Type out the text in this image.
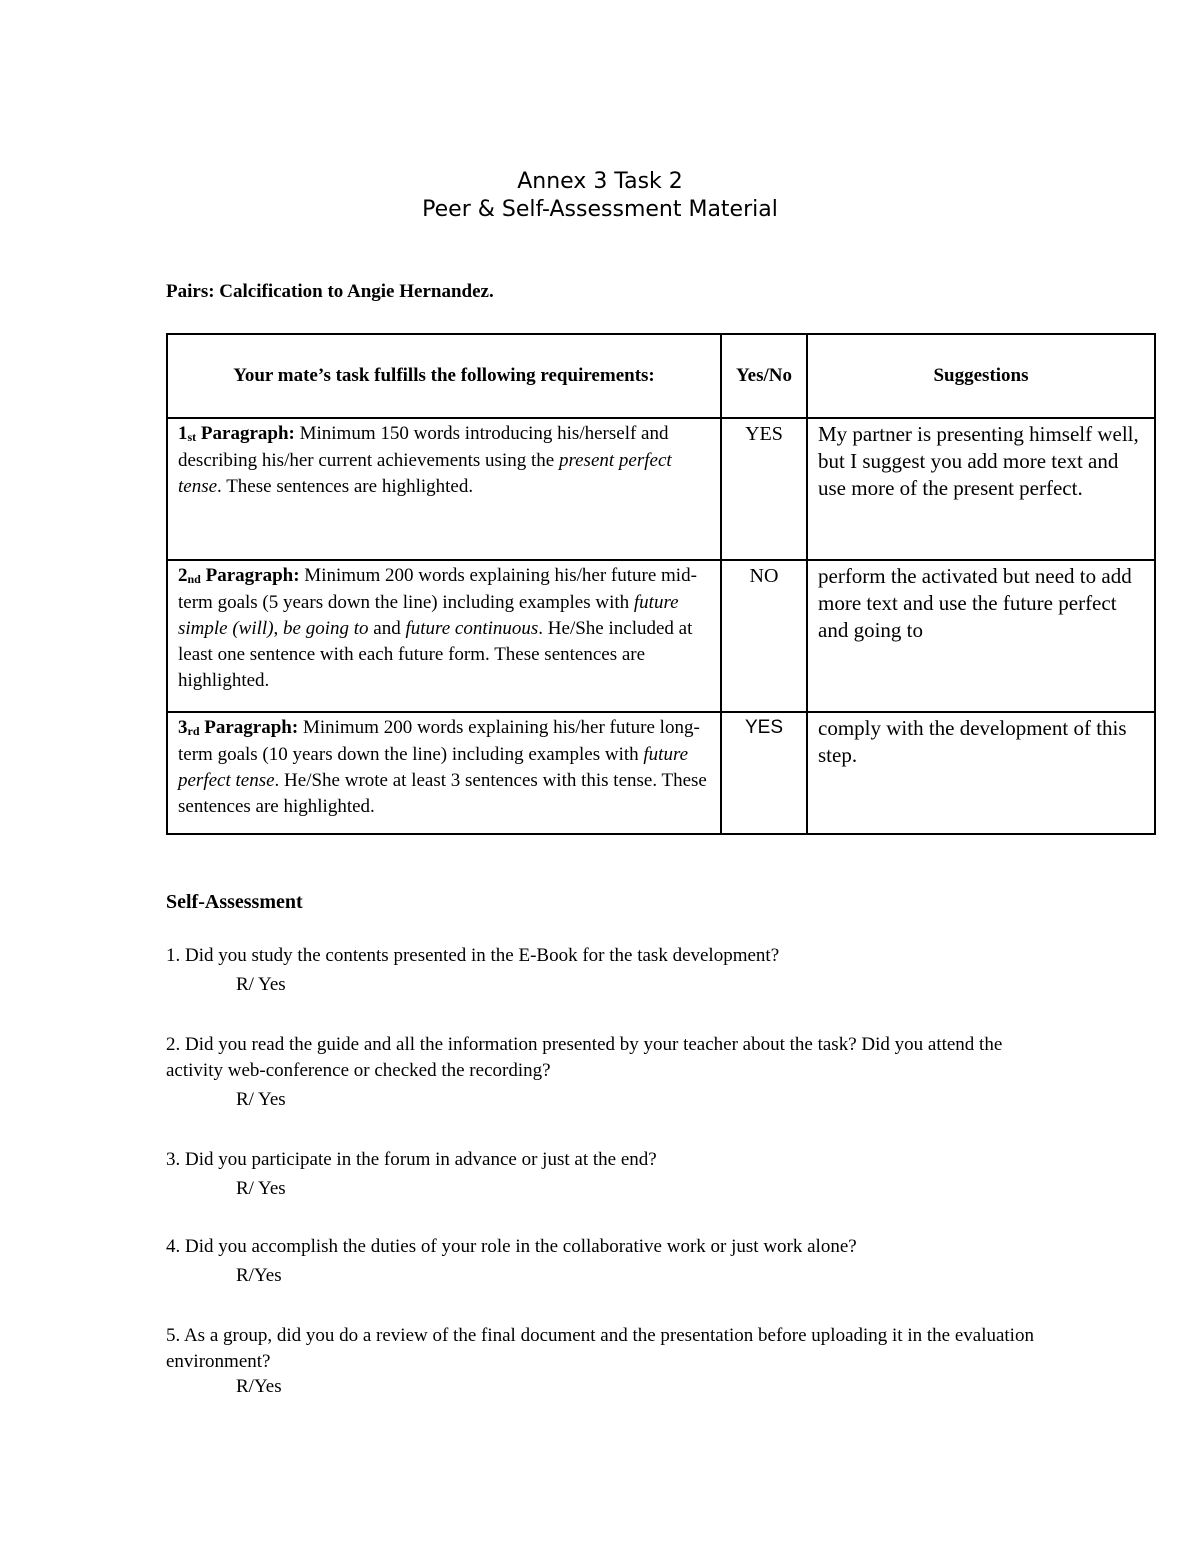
Annex 3 Task 2
Peer & Self-Assessment Material
Pairs: Calcification to Angie Hernandez.
Your mate’s task fulfills the following requirements:	Yes/No	Suggestions
1st Paragraph: Minimum 150 words introducing his/herself and describing his/her current achievements using the present perfect tense. These sentences are highlighted.	YES	My partner is presenting himself well, but I suggest you add more text and use more of the present perfect.
2nd Paragraph: Minimum 200 words explaining his/her future mid-term goals (5 years down the line) including examples with future simple (will), be going to and future continuous. He/She included at least one sentence with each future form. These sentences are highlighted.	NO	perform the activated but need to add more text and use the future perfect and going to
3rd Paragraph: Minimum 200 words explaining his/her future long-term goals (10 years down the line) including examples with future perfect tense. He/She wrote at least 3 sentences with this tense. These sentences are highlighted.	YES	comply with the development of this step.
Self-Assessment
1. Did you study the contents presented in the E-Book for the task development?
R/ Yes
2. Did you read the guide and all the information presented by your teacher about the task? Did you attend the activity web-conference or checked the recording?
R/ Yes
3. Did you participate in the forum in advance or just at the end?
R/ Yes
4. Did you accomplish the duties of your role in the collaborative work or just work alone?
R/Yes
5. As a group, did you do a review of the final document and the presentation before uploading it in the evaluation environment?
R/Yes
